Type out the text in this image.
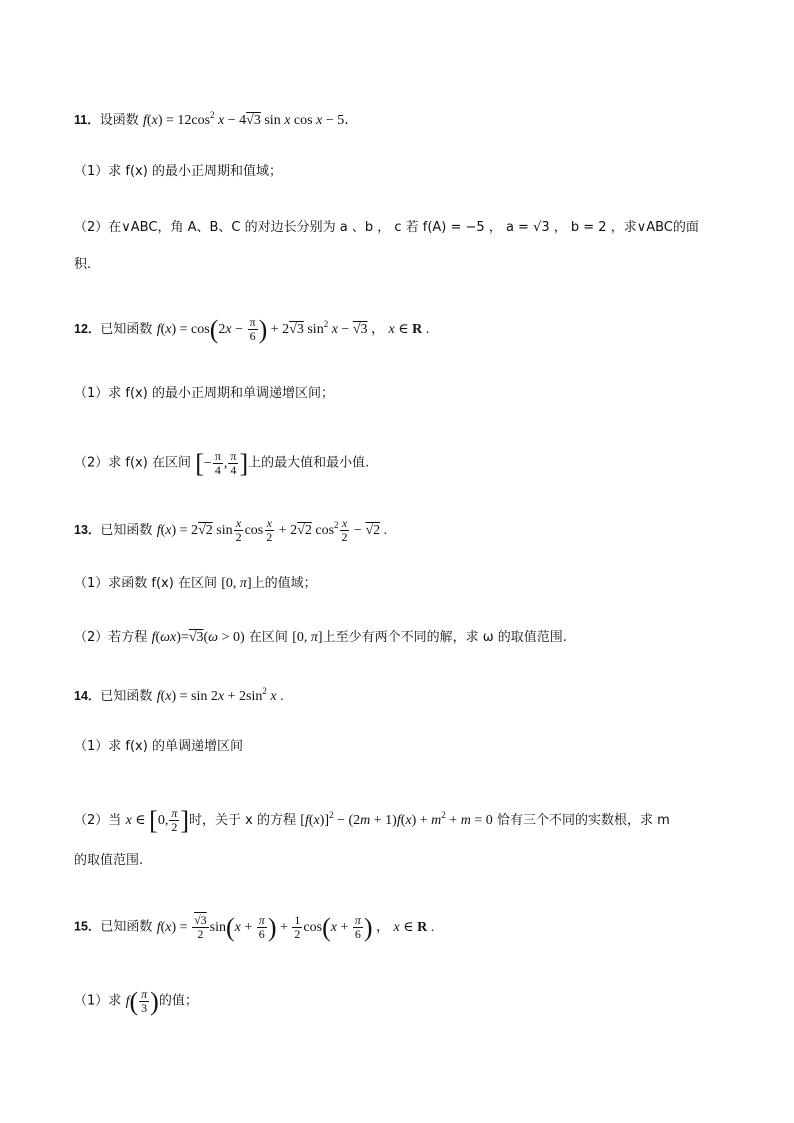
11．设函数 $f(x) = 12\cos^2$ x − 4√3 sin x cos x − 5.
（1）求 f(x) 的最小正周期和值域；
（2）在∨ABC，角 A、B、C 的对边长分别为 a 、b ， c 若 f(A) = −5 ， a = √3 ， b = 2 ，求∨ABC的面
积.
12．已知函数 $f(x) = \cos(2x - \frac{\pi}{6}$ ) + 2√3 $\sin^2 x - √3$ ， x ∈ R .
（1）求 f(x) 的最小正周期和单调递增区间；
（2）求 f(x) 在区间 [− $\frac{\pi}{4}$ , $\frac{\pi}{4}$ ]上的最大值和最小值.
13．已知函数 f(x) = 2√2 $\sin \frac{x}{2}$ $\cos \frac{x}{2} + 2√2$ $\cos^2 \frac{x}{2} - √2$ .
（1）求函数 f(x) 在区间 [0, π]上的值域；
（2）若方程 f(ωx)=√3(ω > 0) 在区间 [0, π]上至少有两个不同的解，求 ω 的取值范围.
14．已知函数 $f(x) = \sin 2x + 2\sin^2$ x .
（1）求 f(x) 的单调递增区间
（2）当 x ∈ [0, $\frac{\pi}{2}$ ]时，关于 x 的方程 $[f(x)]^2 - (2m + 1)f(x) + m^2 + m = 0$ 恰有三个不同的实数根，求 m
的取值范围.
15．已知函数 $f(x) = \frac{√3}{2} \sin(x + \frac{\pi}{6}$ ) + $\frac{1}{2} \cos(x + \frac{\pi}{6}$ ) ， x ∈ R .
（1）求 $f( \frac{\pi}{3}$ )的值；
